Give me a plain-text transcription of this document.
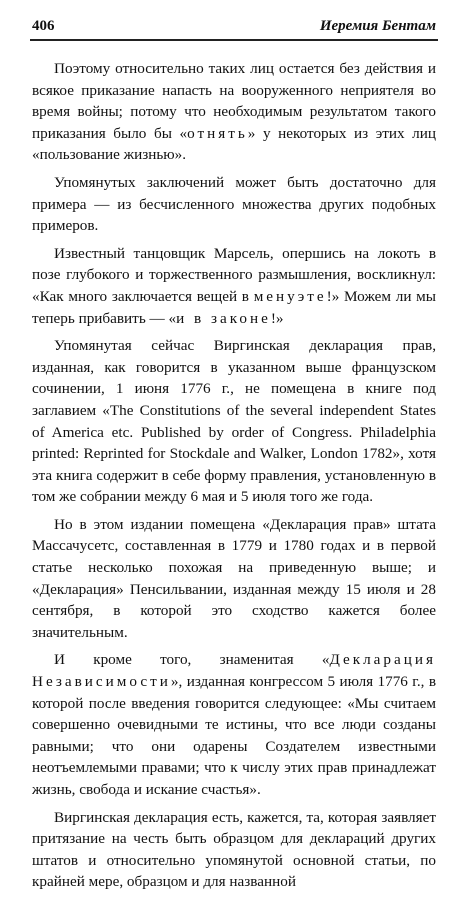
406	Иеремия Бентам

Поэтому относительно таких лиц остается без действия и всякое приказание напасть на вооруженного неприятеля во время войны; потому что необходимым результатом такого приказания было бы «отнять» у некоторых из этих лиц «пользование жизнью».

Упомянутых заключений может быть достаточно для примера — из бесчисленного множества других подобных примеров.

Известный танцовщик Марсель, опершись на локоть в позе глубокого и торжественного размышления, воскликнул: «Как много заключается вещей в менуэте!» Можем ли мы теперь прибавить — «и в законе!»

Упомянутая сейчас Виргинская декларация прав, изданная, как говорится в указанном выше французском сочинении, 1 июня 1776 г., не помещена в книге под заглавием «The Constitutions of the several independent States of America etc. Published by order of Congress. Philadelphia printed: Reprinted for Stockdale and Walker, London 1782», хотя эта книга содержит в себе форму правления, установленную в том же собрании между 6 мая и 5 июля того же года.

Но в этом издании помещена «Декларация прав» штата Массачусетс, составленная в 1779 и 1780 годах и в первой статье несколько похожая на приведенную выше; и «Декларация» Пенсильвании, изданная между 15 июля и 28 сентября, в которой это сходство кажется более значительным.

И кроме того, знаменитая «Декларация Независимости», изданная конгрессом 5 июля 1776 г., в которой после введения говорится следующее: «Мы считаем совершенно очевидными те истины, что все люди созданы равными; что они одарены Создателем известными неотъемлемыми правами; что к числу этих прав принадлежат жизнь, свобода и искание счастья».

Виргинская декларация есть, кажется, та, которая заявляет притязание на честь быть образцом для деклараций других штатов и относительно упомянутой основной статьи, по крайней мере, образцом и для названной
